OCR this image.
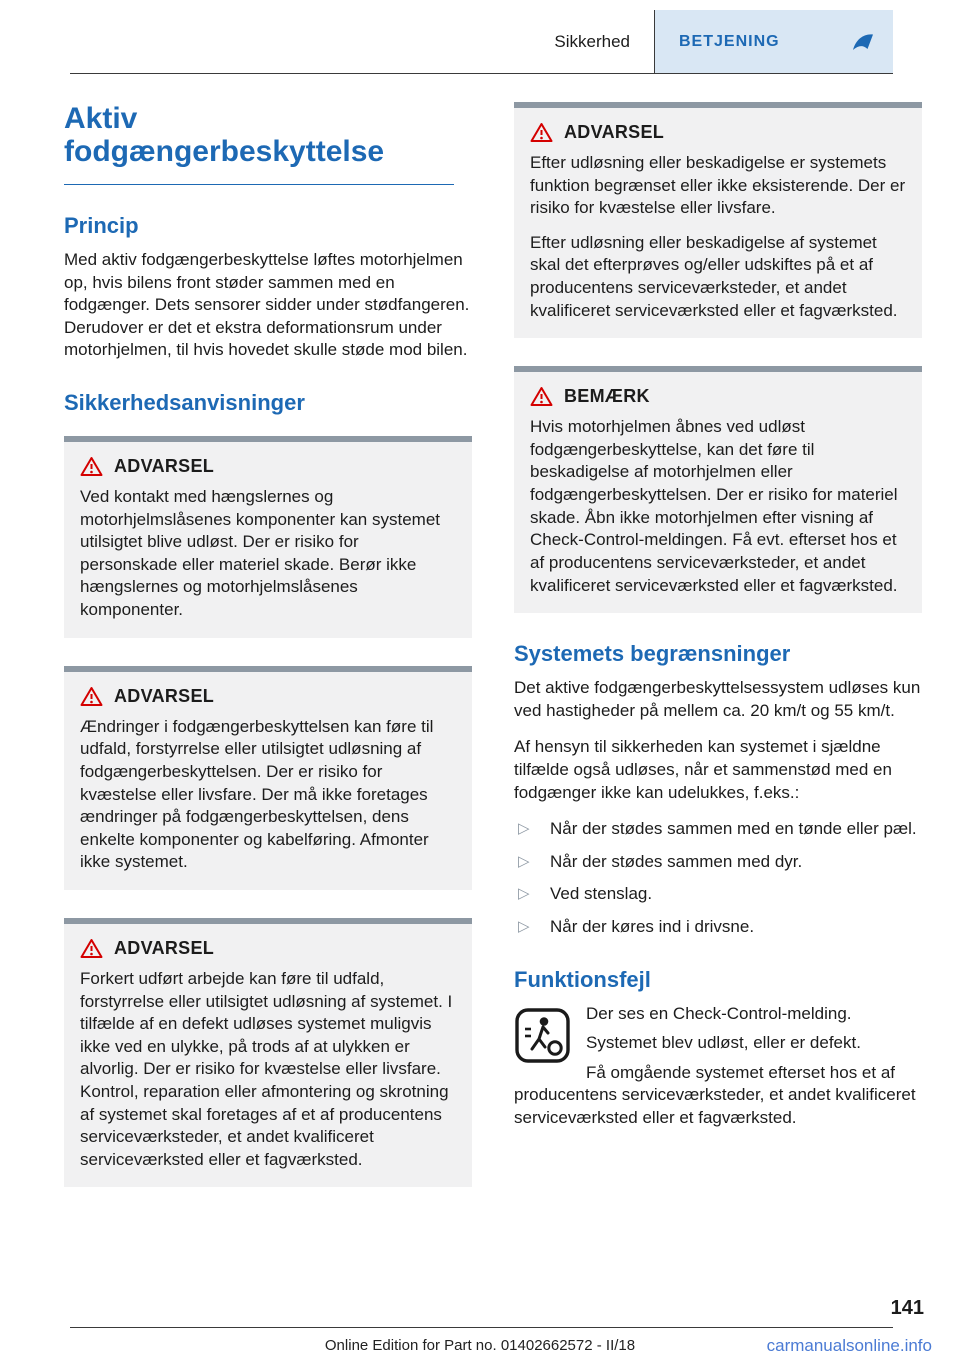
Sikkerhed	BETJENING
Aktiv fodgængerbeskyttelse
Princip

Med aktiv fodgængerbeskyttelse løftes motorhjelmen op, hvis bilens front støder sammen med en fodgænger. Dets sensorer sidder under stødfangeren. Derudover er det et ekstra deformationsrum under motorhjelmen, til hvis hovedet skulle støde mod bilen.

Sikkerhedsanvisninger
ADVARSEL

Ved kontakt med hængslernes og motorhjelmslåsenes komponenter kan systemet utilsigtet blive udløst. Der er risiko for personskade eller materiel skade. Berør ikke hængslernes og motorhjelmslåsenes komponenter.

ADVARSEL

Ændringer i fodgængerbeskyttelsen kan føre til udfald, forstyrrelse eller utilsigtet udløsning af fodgængerbeskyttelsen. Der er risiko for kvæstelse eller livsfare. Der må ikke foretages ændringer på fodgængerbeskyttelsen, dens enkelte komponenter og kabelføring. Afmonter ikke systemet.

ADVARSEL

Forkert udført arbejde kan føre til udfald, forstyrrelse eller utilsigtet udløsning af systemet. I tilfælde af en defekt udløses systemet muligvis ikke ved en ulykke, på trods af at ulykken er alvorlig. Der er risiko for kvæstelse eller livsfare. Kontrol, reparation eller afmontering og skrotning af systemet skal foretages af et af producentens serviceværksteder, et andet kvalificeret serviceværksted eller et fagværksted.

ADVARSEL

Efter udløsning eller beskadigelse er systemets funktion begrænset eller ikke eksisterende. Der er risiko for kvæstelse eller livsfare.

Efter udløsning eller beskadigelse af systemet skal det efterprøves og/eller udskiftes på et af producentens serviceværksteder, et andet kvalificeret serviceværksted eller et fagværksted.

BEMÆRK

Hvis motorhjelmen åbnes ved udløst fodgængerbeskyttelse, kan det føre til beskadigelse af motorhjelmen eller fodgængerbeskyttelsen. Der er risiko for materiel skade. Åbn ikke motorhjelmen efter visning af Check-Control-meldingen. Få evt. efterset hos et af producentens serviceværksteder, et andet kvalificeret serviceværksted eller et fagværksted.

Systemets begrænsninger

Det aktive fodgængerbeskyttelsessystem udløses kun ved hastigheder på mellem ca. 20 km/t og 55 km/t.

Af hensyn til sikkerheden kan systemet i sjældne tilfælde også udløses, når et sammenstød med en fodgænger ikke kan udelukkes, f.eks.:

▷	Når der stødes sammen med en tønde eller pæl.
▷	Når der stødes sammen med dyr.
▷	Ved stenslag.
▷	Når der køres ind i drivsne.
Funktionsfejl

Der ses en Check-Control-melding.

Systemet blev udløst, eller er defekt.

Få omgående systemet efterset hos et af producentens serviceværksteder, et andet kvalificeret serviceværksted eller et fagværksted.

141
Online Edition for Part no. 01402662572 - II/18	carmanualsonline.info
